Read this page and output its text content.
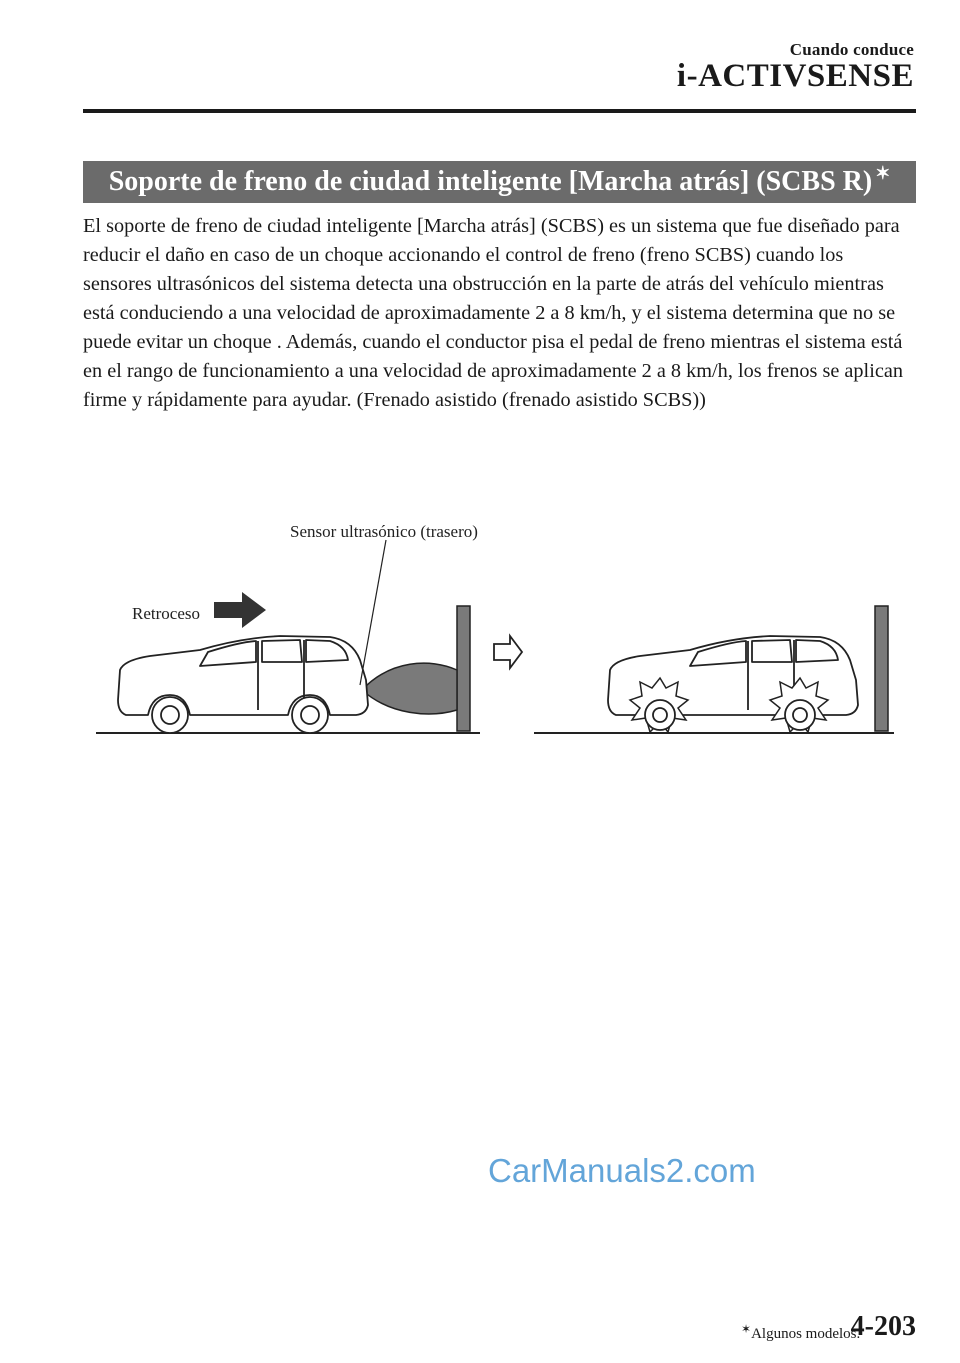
Cuando conduce
i-ACTIVSENSE
Soporte de freno de ciudad inteligente [Marcha atrás] (SCBS R) ✶

El soporte de freno de ciudad inteligente [Marcha atrás] (SCBS) es un sistema que fue diseñado para reducir el daño en caso de un choque accionando el control de freno (freno SCBS) cuando los sensores ultrasónicos del sistema detecta una obstrucción en la parte de atrás del vehículo mientras está conduciendo a una velocidad de aproximadamente 2 a 8 km/h, y el sistema determina que no se puede evitar un choque . Además, cuando el conductor pisa el pedal de freno mientras el sistema está en el rango de funcionamiento a una velocidad de aproximadamente 2 a 8 km/h, los frenos se aplican firme y rápidamente para ayudar. (Frenado asistido (frenado asistido SCBS))

Sensor ultrasónico (trasero)
Retroceso
CarManuals2.com
✶Algunos modelos.
4-203
